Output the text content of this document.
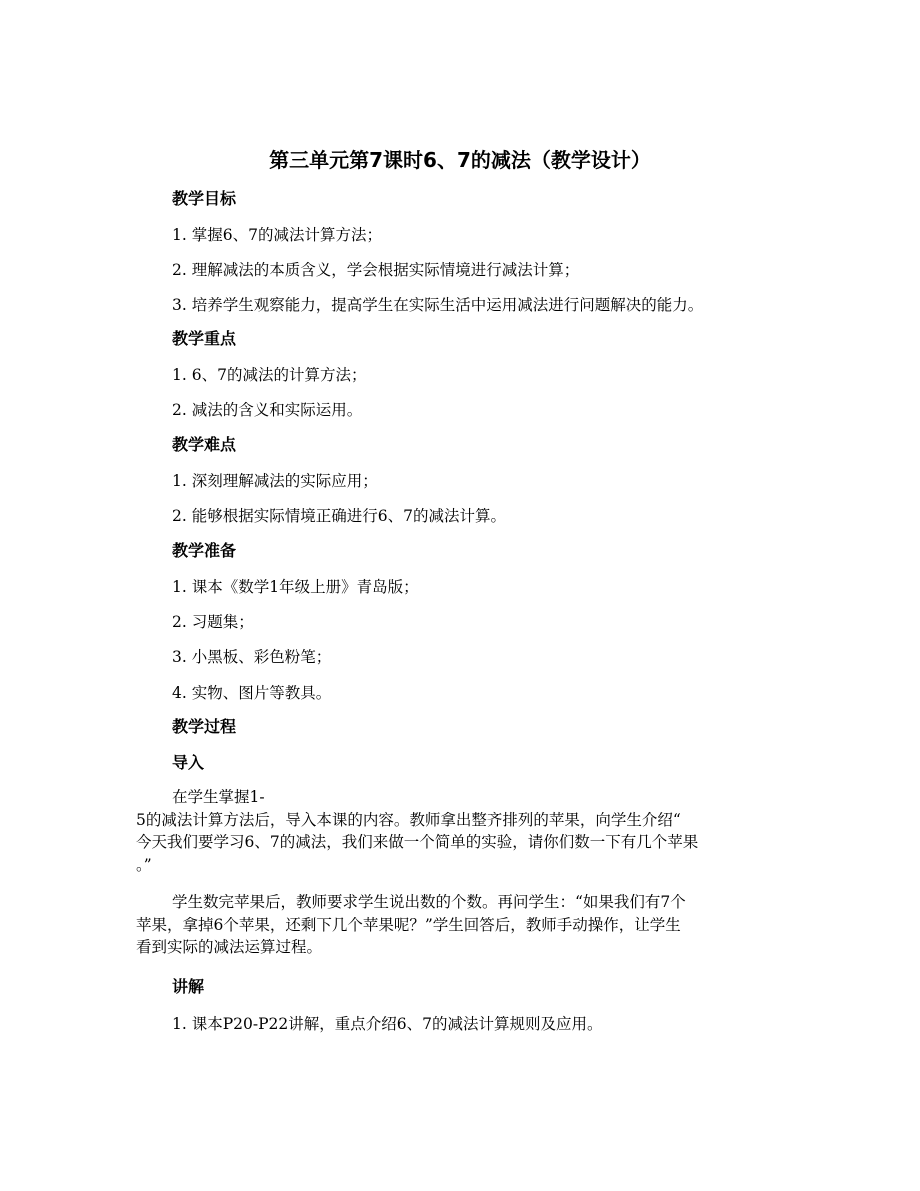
第三单元第7课时6、7的减法（教学设计）
教学目标
1. 掌握6、7的减法计算方法；
2. 理解减法的本质含义，学会根据实际情境进行减法计算；
3. 培养学生观察能力，提高学生在实际生活中运用减法进行问题解决的能力。
教学重点
1. 6、7的减法的计算方法；
2. 减法的含义和实际运用。
教学难点
1. 深刻理解减法的实际应用；
2. 能够根据实际情境正确进行6、7的减法计算。
教学准备
1. 课本《数学1年级上册》青岛版；
2. 习题集；
3. 小黑板、彩色粉笔；
4. 实物、图片等教具。
教学过程
导入
在学生掌握1-
5的减法计算方法后，导入本课的内容。教师拿出整齐排列的苹果，向学生介绍“
今天我们要学习6、7的减法，我们来做一个简单的实验，请你们数一下有几个苹果
。”
学生数完苹果后，教师要求学生说出数的个数。再问学生：“如果我们有7个
苹果，拿掉6个苹果，还剩下几个苹果呢？”学生回答后，教师手动操作，让学生
看到实际的减法运算过程。
讲解
1. 课本P20-P22讲解，重点介绍6、7的减法计算规则及应用。
